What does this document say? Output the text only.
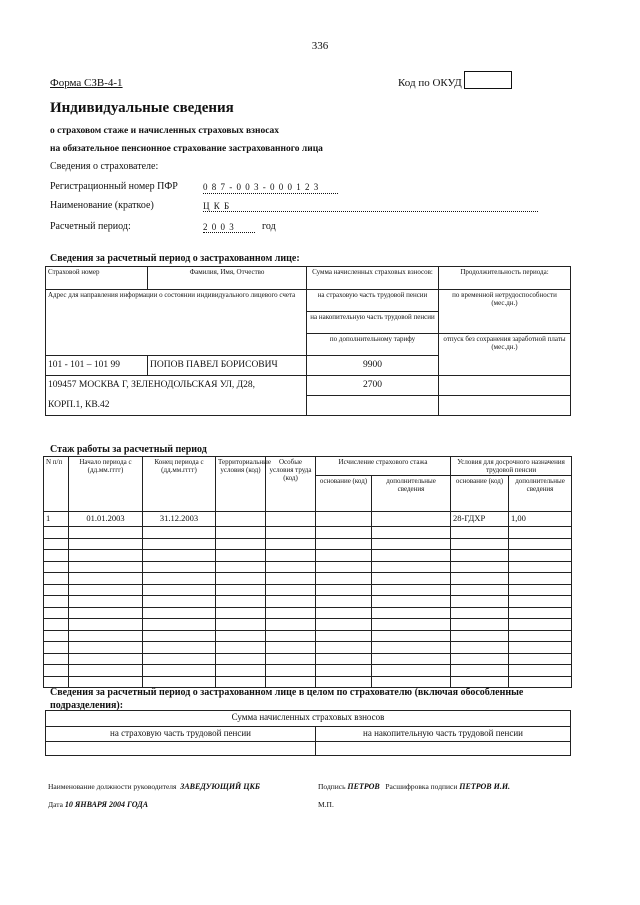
336
Форма СЗВ-4-1	Код по ОКУД
Индивидуальные сведения
о страховом стаже и начисленных страховых взносах
на обязательное пенсионное страхование застрахованного лица
Сведения о страхователе:
Регистрационный номер ПФР	0 8 7 - 0 0 3 - 0 0 0 1 2 3
Наименование (краткое)	Ц К Б
Расчетный период:	2 0 0 3	год
Сведения за расчетный период о застрахованном лице:
Страховой номер	Фамилия, Имя, Отчество	Сумма начисленных страховых взносов:	Продолжительность периода:
Адрес для направления информации о состоянии индивидуального лицевого счета		на страховую часть трудовой пенсии	по временной нетрудоспособности (мес.дн.)
		на накопительную часть трудовой пенсии	
		по дополнительному тарифу	отпуск без сохранения заработной платы (мес.дн.)
101 - 101 – 101 99	ПОПОВ ПАВЕЛ БОРИСОВИЧ	9900	
109457 МОСКВА Г, ЗЕЛЕНОДОЛЬСКАЯ УЛ, Д28,		2700	
КОРП.1, КВ.42			
Стаж работы за расчетный период
N п/п	Начало периода с (дд.мм.гггг)	Конец периода с (дд.мм.гггг)	Территориальные условия (код)	Особые условия труда (код)	Исчисление страхового стажа		Условия для досрочного назначения трудовой пенсии	
					основание (код)	дополнительные сведения	основание (код)	дополнительные сведения
1	01.01.2003	31.12.2003					28-ГДХР	1,00

Сведения за расчетный период о застрахованном лице в целом по страхователю (включая обособленные подразделения):
Сумма начисленных страховых взносов	
на страховую часть трудовой пенсии	на накопительную часть трудовой пенсии

Наименование должности руководителя ЗАВЕДУЮЩИЙ ЦКБ	Подпись ПЕТРОВ Расшифровка подписи ПЕТРОВ И.И.
Дата 10 ЯНВАРЯ 2004 ГОДА	М.П.
